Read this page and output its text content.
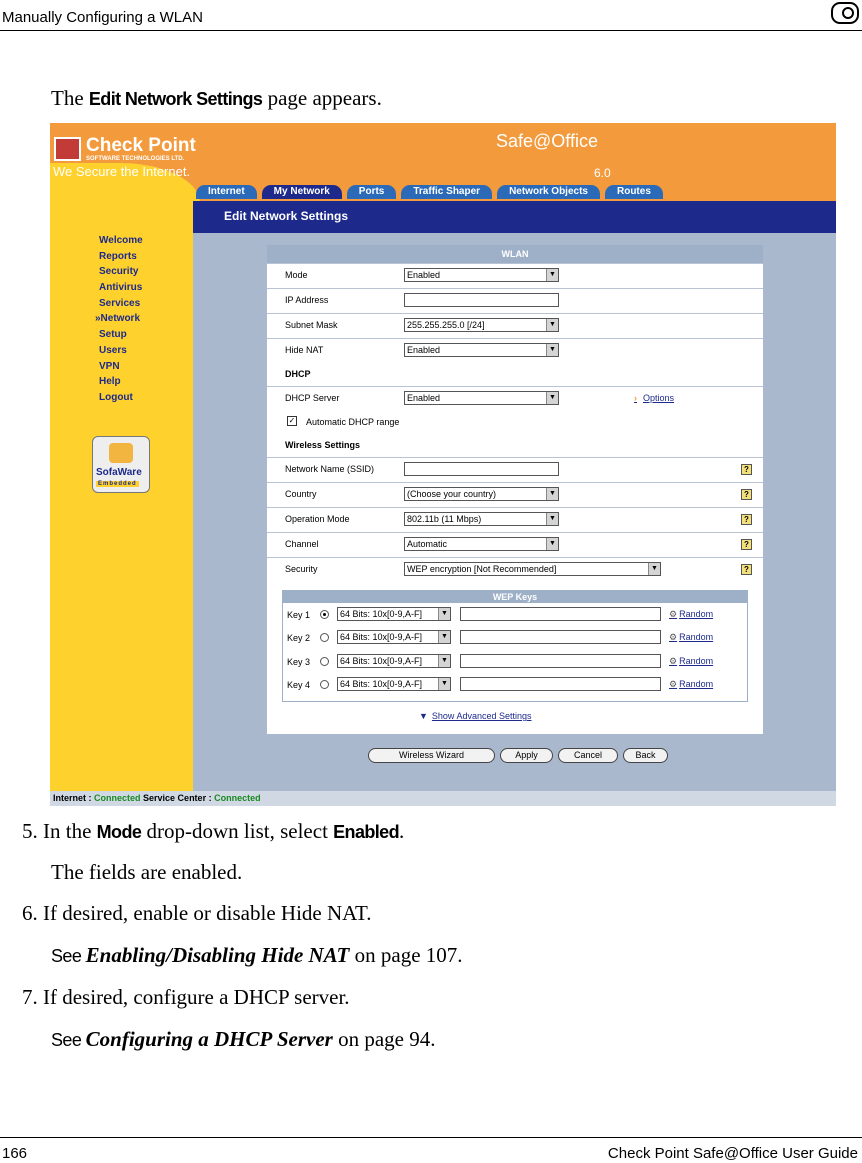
Manually Configuring a WLAN
The Edit Network Settings page appears.
Check Point
SOFTWARE TECHNOLOGIES LTD.
We Secure the Internet.
Safe@Office
6.0
Internet	My Network	Ports	Traffic Shaper	Network Objects	Routes
Edit Network Settings
Welcome
Reports
Security
Antivirus
Services
»Network
Setup
Users
VPN
Help
Logout
SofaWare
Embedded
WLAN
Mode	Enabled	▼
IP Address
Subnet Mask	255.255.255.0 [/24]	▼
Hide NAT	Enabled	▼
DHCP
DHCP Server	Enabled	▼	› Options
✓ Automatic DHCP range
Wireless Settings
Network Name (SSID)	?
Country	(Choose your country)	▼	?
Operation Mode	802.11b (11 Mbps)	▼	?
Channel	Automatic	▼	?
Security	WEP encryption [Not Recommended]	▼	?
WEP Keys
Key 1	64 Bits: 10x[0-9,A-F]	▼	⚙ Random
Key 2	64 Bits: 10x[0-9,A-F]	▼	⚙ Random
Key 3	64 Bits: 10x[0-9,A-F]	▼	⚙ Random
Key 4	64 Bits: 10x[0-9,A-F]	▼	⚙ Random
▼ Show Advanced Settings
Wireless Wizard	Apply	Cancel	Back
Internet : Connected Service Center : Connected
5. In the Mode drop-down list, select Enabled.
The fields are enabled.
6. If desired, enable or disable Hide NAT.
See Enabling/Disabling Hide NAT on page 107.
7. If desired, configure a DHCP server.
See Configuring a DHCP Server on page 94.
166	Check Point Safe@Office User Guide
